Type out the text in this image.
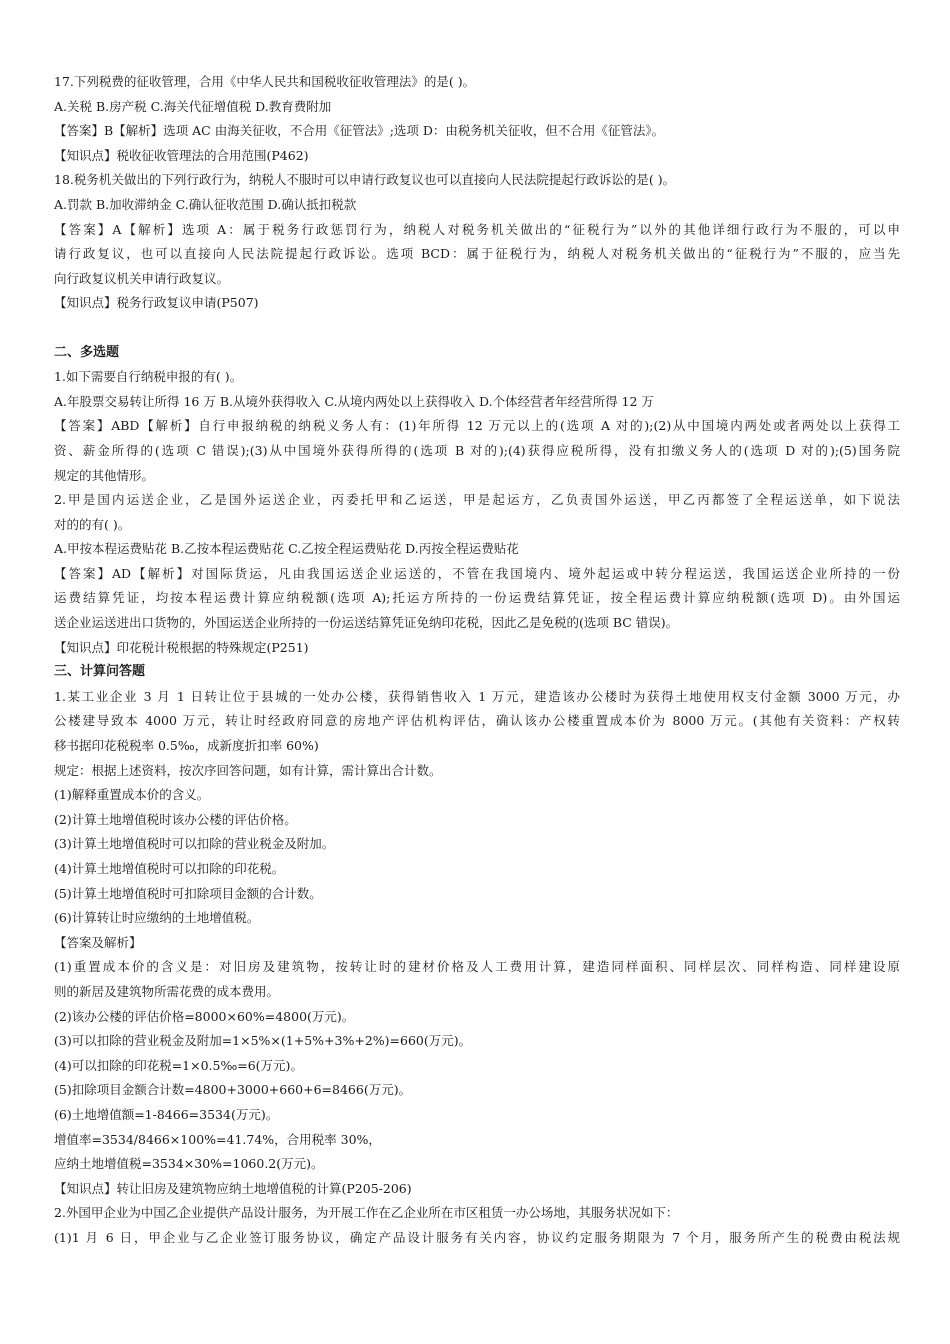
17.下列税费的征收管理，合用《中华人民共和国税收征收管理法》的是( )。
A.关税 B.房产税 C.海关代征增值税 D.教育费附加
【答案】B【解析】选项 AC 由海关征收，不合用《征管法》;选项 D：由税务机关征收，但不合用《征管法》。
【知识点】税收征收管理法的合用范围(P462)
18.税务机关做出的下列行政行为，纳税人不服时可以申请行政复议也可以直接向人民法院提起行政诉讼的是( )。
A.罚款 B.加收滞纳金 C.确认征收范围 D.确认抵扣税款
【答案】A【解析】选项 A：属于税务行政惩罚行为，纳税人对税务机关做出的“征税行为”以外的其他详细行政行为不服的，可以申
请行政复议，也可以直接向人民法院提起行政诉讼。选项 BCD：属于征税行为，纳税人对税务机关做出的“征税行为”不服的，应当先
向行政复议机关申请行政复议。
【知识点】税务行政复议申请(P507)
二、多选题
1.如下需要自行纳税申报的有( )。
A.年股票交易转让所得 16 万 B.从境外获得收入 C.从境内两处以上获得收入 D.个体经营者年经营所得 12 万
【答案】ABD【解析】自行申报纳税的纳税义务人有：(1)年所得 12 万元以上的(选项 A 对的);(2)从中国境内两处或者两处以上获得工
资、薪金所得的(选项 C 错误);(3)从中国境外获得所得的(选项 B 对的);(4)获得应税所得，没有扣缴义务人的(选项 D 对的);(5)国务院
规定的其他情形。
2.甲是国内运送企业，乙是国外运送企业，丙委托甲和乙运送，甲是起运方，乙负责国外运送，甲乙丙都签了全程运送单，如下说法
对的的有( )。
A.甲按本程运费贴花 B.乙按本程运费贴花 C.乙按全程运费贴花 D.丙按全程运费贴花
【答案】AD【解析】对国际货运，凡由我国运送企业运送的，不管在我国境内、境外起运或中转分程运送，我国运送企业所持的一份
运费结算凭证，均按本程运费计算应纳税额(选项 A);托运方所持的一份运费结算凭证，按全程运费计算应纳税额(选项 D)。由外国运
送企业运送进出口货物的，外国运送企业所持的一份运送结算凭证免纳印花税，因此乙是免税的(选项 BC 错误)。
【知识点】印花税计税根据的特殊规定(P251)
三、计算问答题
1.某工业企业 3 月 1 日转让位于县城的一处办公楼，获得销售收入 1 万元，建造该办公楼时为获得土地使用权支付金额 3000 万元，办
公楼建导致本 4000 万元，转让时经政府同意的房地产评估机构评估，确认该办公楼重置成本价为 8000 万元。(其他有关资料：产权转
移书据印花税税率 0.5‰，成新度折扣率 60%)
规定：根据上述资料，按次序回答问题，如有计算，需计算出合计数。
(1)解释重置成本价的含义。
(2)计算土地增值税时该办公楼的评估价格。
(3)计算土地增值税时可以扣除的营业税金及附加。
(4)计算土地增值税时可以扣除的印花税。
(5)计算土地增值税时可扣除项目金额的合计数。
(6)计算转让时应缴纳的土地增值税。
【答案及解析】
(1)重置成本价的含义是：对旧房及建筑物，按转让时的建材价格及人工费用计算，建造同样面积、同样层次、同样构造、同样建设原
则的新居及建筑物所需花费的成本费用。
(2)该办公楼的评估价格=8000×60%=4800(万元)。
(3)可以扣除的营业税金及附加=1×5%×(1+5%+3%+2%)=660(万元)。
(4)可以扣除的印花税=1×0.5‰=6(万元)。
(5)扣除项目金额合计数=4800+3000+660+6=8466(万元)。
(6)土地增值额=1-8466=3534(万元)。
增值率=3534/8466×100%=41.74%，合用税率 30%，
应纳土地增值税=3534×30%=1060.2(万元)。
【知识点】转让旧房及建筑物应纳土地增值税的计算(P205-206)
2.外国甲企业为中国乙企业提供产品设计服务，为开展工作在乙企业所在市区租赁一办公场地，其服务状况如下：
(1)1 月 6 日，甲企业与乙企业签订服务协议，确定产品设计服务有关内容，协议约定服务期限为 7 个月，服务所产生的税费由税法规
